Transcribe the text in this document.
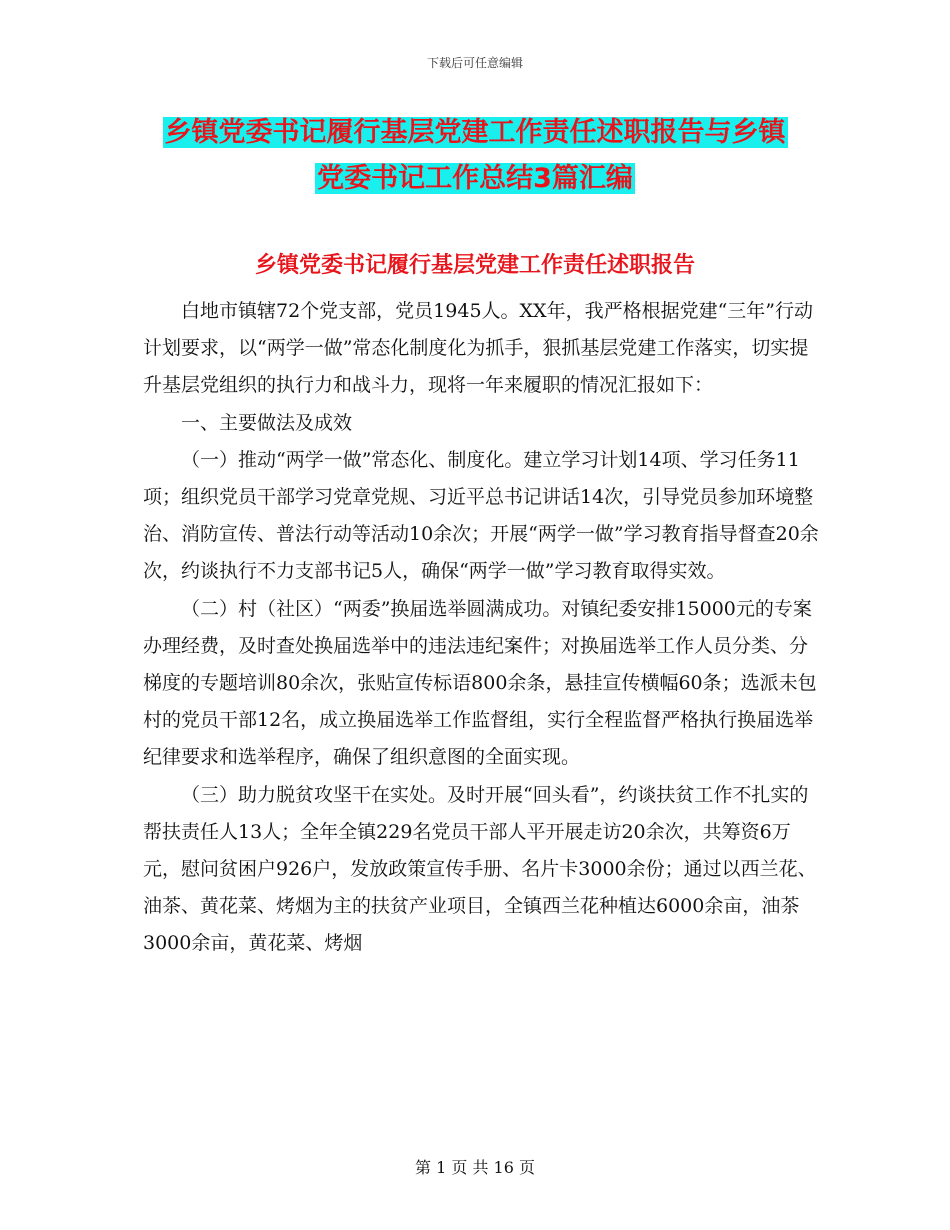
下载后可任意编辑
乡镇党委书记履行基层党建工作责任述职报告与乡镇
党委书记工作总结3篇汇编
乡镇党委书记履行基层党建工作责任述职报告

白地市镇辖72个党支部，党员1945人。XX年，我严格根据党建“三年”行动计划要求，以“两学一做”常态化制度化为抓手，狠抓基层党建工作落实，切实提升基层党组织的执行力和战斗力，现将一年来履职的情况汇报如下：

一、主要做法及成效

（一）推动“两学一做”常态化、制度化。建立学习计划14项、学习任务11项；组织党员干部学习党章党规、习近平总书记讲话14次，引导党员参加环境整治、消防宣传、普法行动等活动10余次；开展“两学一做”学习教育指导督查20余次，约谈执行不力支部书记5人，确保“两学一做”学习教育取得实效。

（二）村（社区）“两委”换届选举圆满成功。对镇纪委安排15000元的专案办理经费，及时查处换届选举中的违法违纪案件；对换届选举工作人员分类、分梯度的专题培训80余次，张贴宣传标语800余条，悬挂宣传横幅60条；选派未包村的党员干部12名，成立换届选举工作监督组，实行全程监督严格执行换届选举纪律要求和选举程序，确保了组织意图的全面实现。

（三）助力脱贫攻坚干在实处。及时开展“回头看”，约谈扶贫工作不扎实的帮扶责任人13人；全年全镇229名党员干部人平开展走访20余次，共筹资6万元，慰问贫困户926户，发放政策宣传手册、名片卡3000余份；通过以西兰花、油茶、黄花菜、烤烟为主的扶贫产业项目，全镇西兰花种植达6000余亩，油茶3000余亩，黄花菜、烤烟

第 1 页 共 16 页
